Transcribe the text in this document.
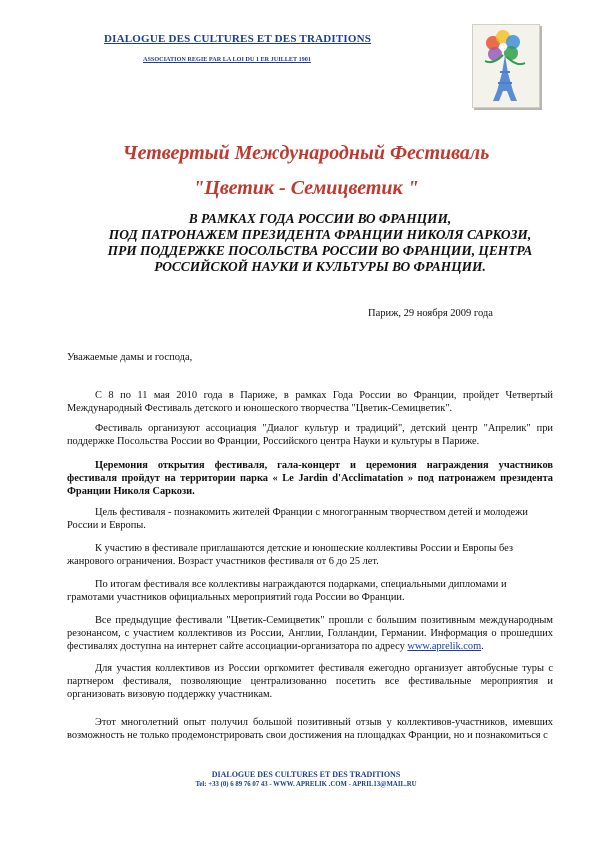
DIALOGUE DES CULTURES ET DES TRADITIONS
ASSOCIATION REGIE PAR LA LOI DU 1 ER JUILLET 1901
Четвертый Международный Фестиваль
"Цветик - Семицветик "
В РАМКАХ ГОДА РОССИИ ВО ФРАНЦИИ,
ПОД ПАТРОНАЖЕМ ПРЕЗИДЕНТА ФРАНЦИИ НИКОЛЯ САРКОЗИ,
ПРИ ПОДДЕРЖКЕ ПОСОЛЬСТВА РОССИИ ВО ФРАНЦИИ, ЦЕНТРА
РОССИЙСКОЙ НАУКИ И КУЛЬТУРЫ ВО ФРАНЦИИ.
Париж, 29 ноября 2009 года
Уважаемые дамы и господа,
С 8 по 11 мая 2010 года в Париже, в рамках Года России во Франции, пройдет Четвертый Международный Фестиваль детского и юношеского творчества "Цветик-Семицветик".
Фестиваль организуют ассоциация "Диалог культур и традиций", детский центр "Апрелик" при поддержке Посольства России во Франции, Российского центра Науки и культуры в Париже.
Церемония открытия фестиваля, гала-концерт и церемония награждения участников фестиваля пройдут на территории парка « Le Jardin d'Acclimatation » под патронажем президента Франции Николя Саркози.
Цель фестиваля - познакомить жителей Франции с многогранным творчеством детей и молодежи России и Европы.
К участию в фестивале приглашаются детские и юношеские коллективы России и Европы без жанрового ограничения. Возраст участников фестиваля от 6 до 25 лет.
По итогам фестиваля все коллективы награждаются подарками, специальными дипломами и грамотами участников официальных мероприятий года России во Франции.
Все предыдущие фестивали "Цветик-Семицветик" прошли с большим позитивным международным резонансом, с участием коллективов из России, Англии, Голландии, Германии. Информация о прошедших фестивалях доступна на интернет сайте ассоциации-организатора по адресу www.aprelik.com.
Для участия коллективов из России оргкомитет фестиваля ежегодно организует автобусные туры с партнером фестиваля, позволяющие централизованно посетить все фестивальные мероприятия и организовать визовую поддержку участникам.
Этот многолетний опыт получил большой позитивный отзыв у коллективов-участников, имевших возможность не только продемонстрировать свои достижения на площадках Франции, но и познакомиться с
DIALOGUE DES CULTURES ET DES TRADITIONS
Tel: +33 (0) 6 89 76 07 43 - WWW. APRELIK .COM - APRIL13@MAIL.RU
